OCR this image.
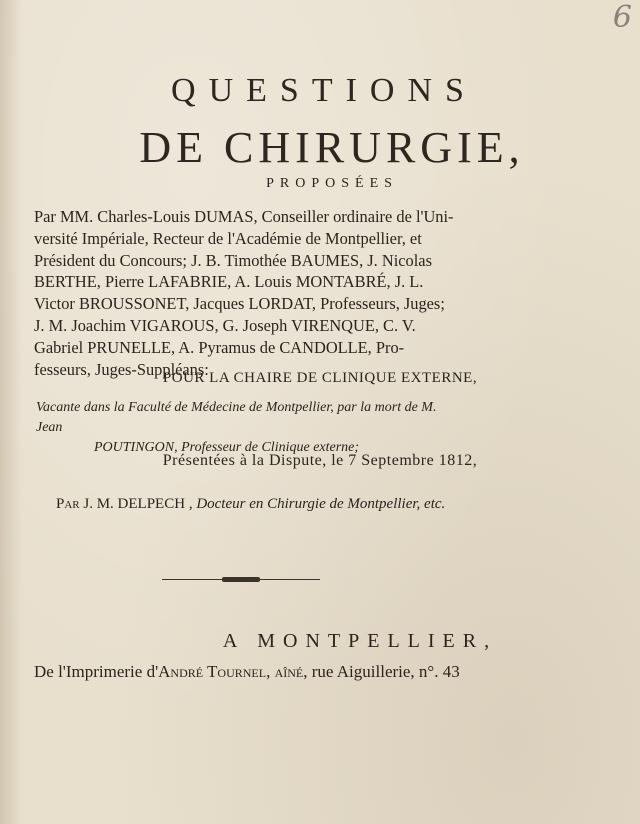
6
QUESTIONS
DE CHIRURGIE,
PROPOSÉES
Par MM. Charles-Louis DUMAS, Conseiller ordinaire de l'Uni-
versité Impériale, Recteur de l'Académie de Montpellier, et
Président du Concours; J. B. Timothée BAUMES, J. Nicolas
BERTHE, Pierre LAFABRIE, A. Louis MONTABRÉ, J. L.
Victor BROUSSONET, Jacques LORDAT, Professeurs, Juges;
J. M. Joachim VIGAROUS, G. Joseph VIRENQUE, C. V.
Gabriel PRUNELLE, A. Pyramus de CANDOLLE, Pro-
fesseurs, Juges-Suppléans:
POUR LA CHAIRE DE CLINIQUE EXTERNE,
Vacante dans la Faculté de Médecine de Montpellier, par la mort de M. Jean
POUTINGON, Professeur de Clinique externe;
Présentées à la Dispute, le 7 Septembre 1812,
Par J. M. DELPECH , Docteur en Chirurgie de Montpellier, etc.
A MONTPELLIER,
De l'Imprimerie d'André Tournel, aîné, rue Aiguillerie, n°. 43
